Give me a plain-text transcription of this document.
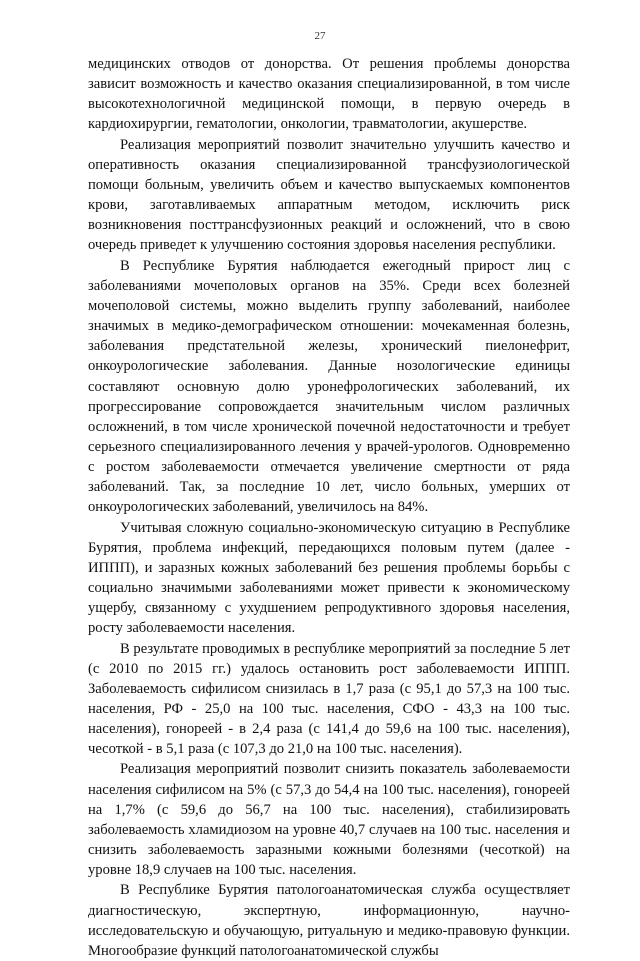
27

медицинских отводов от донорства. От решения проблемы донорства зависит возможность и качество оказания специализированной, в том числе высокотехнологичной медицинской помощи, в первую очередь в кардиохирургии, гематологии, онкологии, травматологии, акушерстве.

Реализация мероприятий позволит значительно улучшить качество и оперативность оказания специализированной трансфузиологической помощи больным, увеличить объем и качество выпускаемых компонентов крови, заготавливаемых аппаратным методом, исключить риск возникновения посттрансфузионных реакций и осложнений, что в свою очередь приведет к улучшению состояния здоровья населения республики.

В Республике Бурятия наблюдается ежегодный прирост лиц с заболеваниями мочеполовых органов на 35%. Среди всех болезней мочеполовой системы, можно выделить группу заболеваний, наиболее значимых в медико-демографическом отношении: мочекаменная болезнь, заболевания предстательной железы, хронический пиелонефрит, онкоурологические заболевания. Данные нозологические единицы составляют основную долю уронефрологических заболеваний, их прогрессирование сопровождается значительным числом различных осложнений, в том числе хронической почечной недостаточности и требует серьезного специализированного лечения у врачей-урологов. Одновременно с ростом заболеваемости отмечается увеличение смертности от ряда заболеваний. Так, за последние 10 лет, число больных, умерших от онкоурологических заболеваний, увеличилось на 84%.

Учитывая сложную социально-экономическую ситуацию в Республике Бурятия, проблема инфекций, передающихся половым путем (далее - ИППП), и заразных кожных заболеваний без решения проблемы борьбы с социально значимыми заболеваниями может привести к экономическому ущербу, связанному с ухудшением репродуктивного здоровья населения, росту заболеваемости населения.

В результате проводимых в республике мероприятий за последние 5 лет (с 2010 по 2015 гг.) удалось остановить рост заболеваемости ИППП. Заболеваемость сифилисом снизилась в 1,7 раза (с 95,1 до 57,3 на 100 тыс. населения, РФ - 25,0 на 100 тыс. населения, СФО - 43,3 на 100 тыс. населения), гонореей - в 2,4 раза (с 141,4 до 59,6 на 100 тыс. населения), чесоткой - в 5,1 раза (с 107,3 до 21,0 на 100 тыс. населения).

Реализация мероприятий позволит снизить показатель заболеваемости населения сифилисом на 5% (с 57,3 до 54,4 на 100 тыс. населения), гонореей на 1,7% (с 59,6 до 56,7 на 100 тыс. населения), стабилизировать заболеваемость хламидиозом на уровне 40,7 случаев на 100 тыс. населения и снизить заболеваемость заразными кожными болезнями (чесоткой) на уровне 18,9 случаев на 100 тыс. населения.

В Республике Бурятия патологоанатомическая служба осуществляет диагностическую, экспертную, информационную, научно-исследовательскую и обучающую, ритуальную и медико-правовую функции. Многообразие функций патологоанатомической службы
